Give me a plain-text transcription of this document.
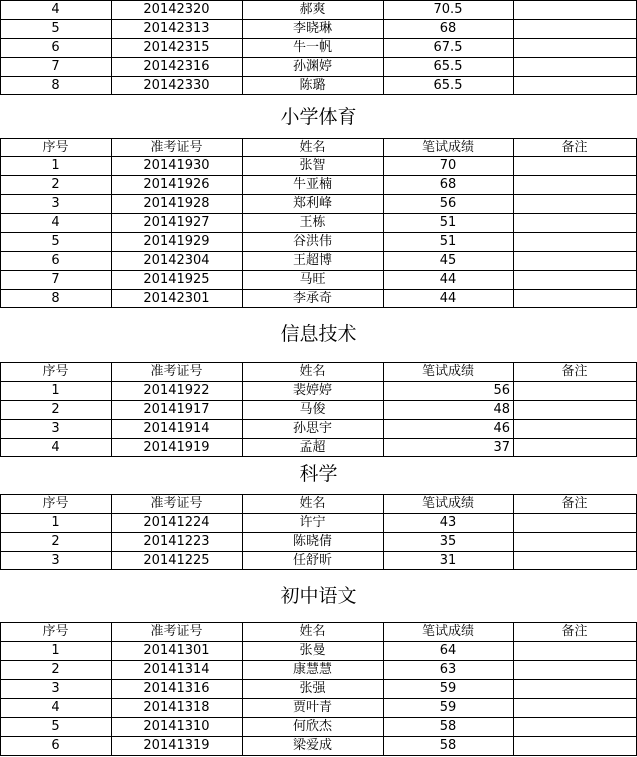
4	20142320	郝爽	70.5
5	20142313	李晓琳	68
6	20142315	牛一帆	67.5
7	20142316	孙渊婷	65.5
8	20142330	陈璐	65.5
小学体育
序号	准考证号	姓名	笔试成绩	备注
1	20141930	张智	70
2	20141926	牛亚楠	68
3	20141928	郑利峰	56
4	20141927	王栋	51
5	20141929	谷洪伟	51
6	20142304	王超博	45
7	20141925	马旺	44
8	20142301	李承奇	44
信息技术
序号	准考证号	姓名	笔试成绩	备注
1	20141922	裴婷婷	56
2	20141917	马俊	48
3	20141914	孙思宇	46
4	20141919	孟超	37
科学
序号	准考证号	姓名	笔试成绩	备注
1	20141224	许宁	43
2	20141223	陈晓倩	35
3	20141225	任舒昕	31
初中语文
序号	准考证号	姓名	笔试成绩	备注
1	20141301	张曼	64
2	20141314	康慧慧	63
3	20141316	张强	59
4	20141318	贾叶青	59
5	20141310	何欣杰	58
6	20141319	梁爱成	58
